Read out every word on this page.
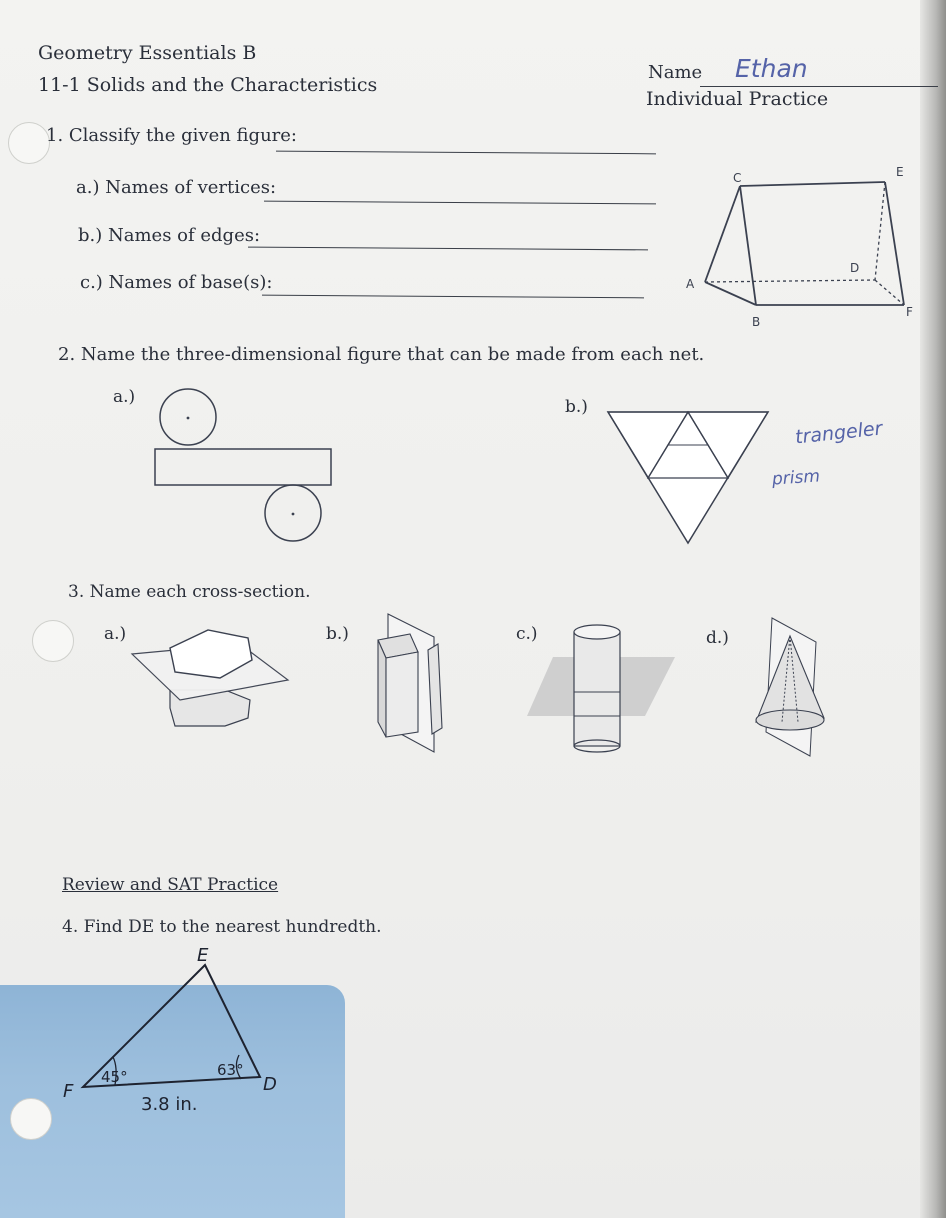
Geometry Essentials B
11-1 Solids and the Characteristics
Name Ethan
Individual Practice
1. Classify the given figure:
a.) Names of vertices:
b.) Names of edges:
c.) Names of base(s):
C	E
A
D
B
F
2. Name the three-dimensional figure that can be made from each net.
a.)	b.)
trangeler
prism
3. Name each cross-section.
a.)	b.)	c.)	d.)
Review and SAT Practice
4. Find DE to the nearest hundredth.
E
F	D
45°	63°
3.8 in.
